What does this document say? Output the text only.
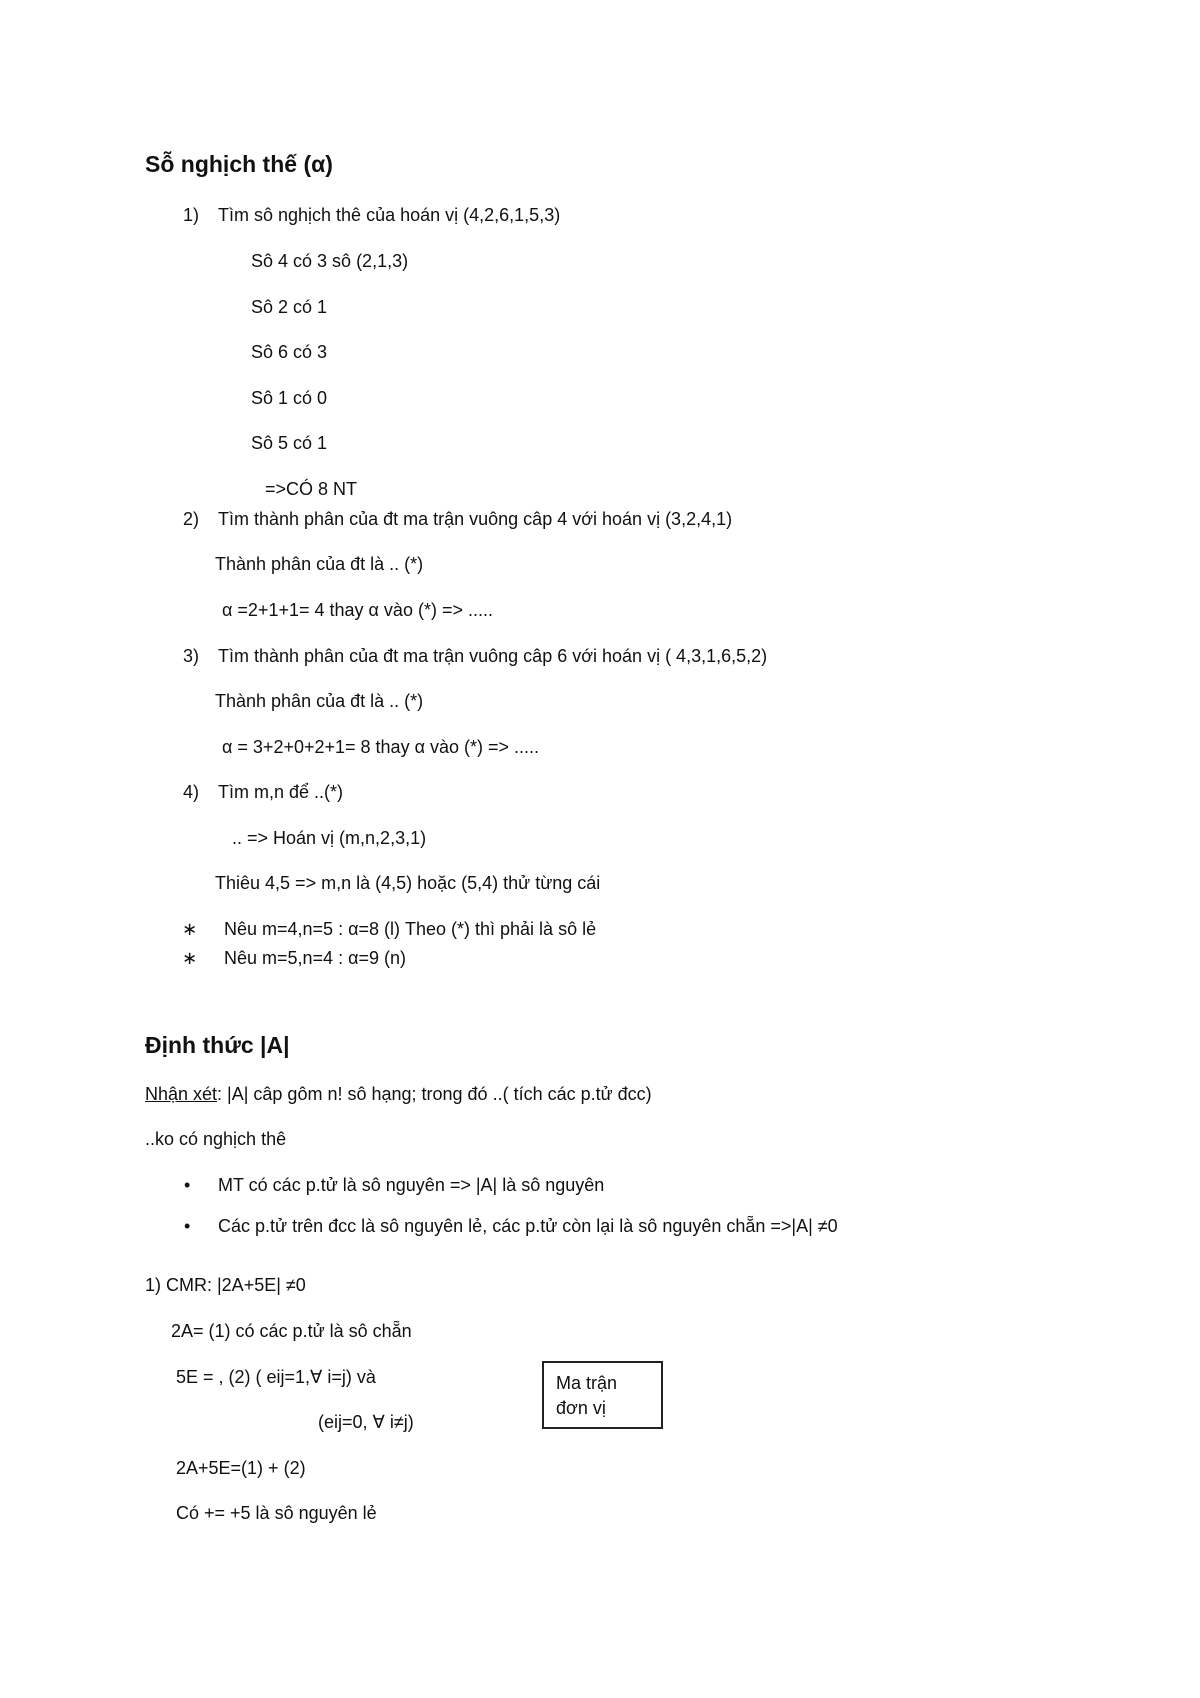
Sỗ nghịch thế (α)
1) Tìm sô nghịch thê của hoán vị (4,2,6,1,5,3)
Sô 4 có 3 sô (2,1,3)
Sô 2 có 1
Sô 6 có 3
Sô 1 có 0
Sô 5 có 1
=>CÓ 8 NT
2) Tìm thành phân của đt ma trận vuông câp 4 với hoán vị (3,2,4,1)
Thành phân của đt là .. (*)
α =2+1+1= 4 thay α vào (*) => .....
3) Tìm thành phân của đt ma trận vuông câp 6 với hoán vị ( 4,3,1,6,5,2)
Thành phân của đt là .. (*)
α = 3+2+0+2+1= 8 thay α vào (*) => .....
4) Tìm m,n để ..(*)
.. => Hoán vị (m,n,2,3,1)
Thiêu 4,5 => m,n là (4,5) hoặc (5,4) thử từng cái
∗ Nêu m=4,n=5 : α=8 (l) Theo (*) thì phải là sô lẻ
∗ Nêu m=5,n=4 : α=9 (n)
Định thức |A|
Nhận xét: |A| câp gôm n! sô hạng; trong đó ..( tích các p.tử đcc)
..ko có nghịch thê
• MT có các p.tử là sô nguyên => |A| là sô nguyên
• Các p.tử trên đcc là sô nguyên lẻ, các p.tử còn lại là sô nguyên chẵn =>|A| ≠0
1) CMR: |2A+5E| ≠0
2A= (1) có các p.tử là sô chẵn
5E = , (2) ( eij=1,∀ i=j) và
(eij=0, ∀ i≠j)
2A+5E=(1) + (2)
Có += +5 là sô nguyên lẻ
Ma trận
đơn vị
